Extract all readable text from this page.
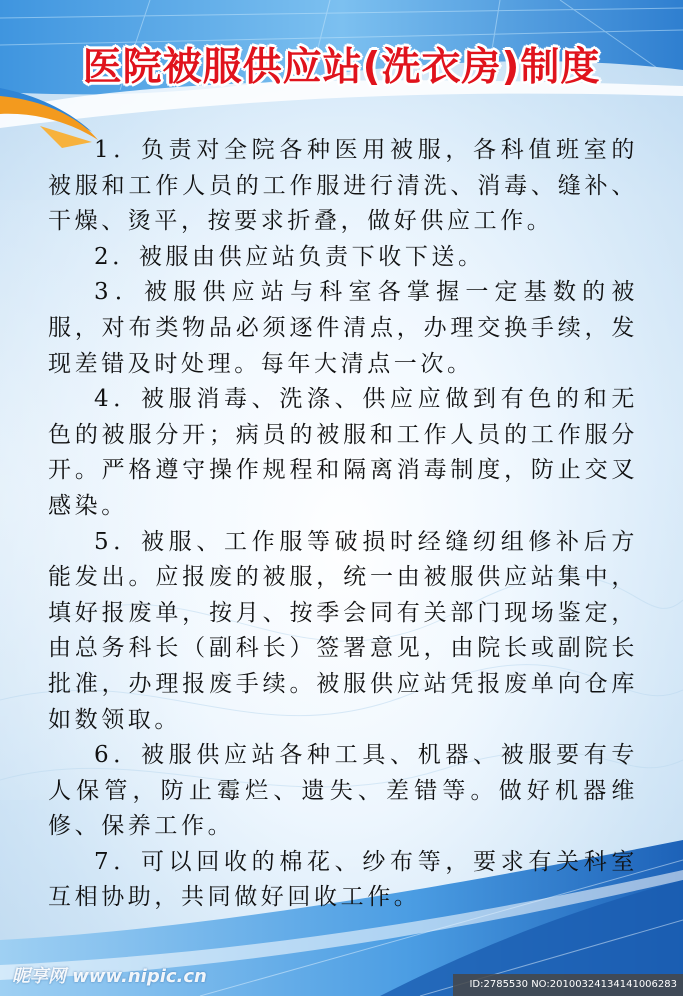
医院被服供应站(洗衣房)制度

1．负责对全院各种医用被服，各科值班室的被服和工作人员的工作服进行清洗、消毒、缝补、干燥、烫平，按要求折叠，做好供应工作。

2．被服由供应站负责下收下送。

3．被服供应站与科室各掌握一定基数的被服，对布类物品必须逐件清点，办理交换手续，发现差错及时处理。每年大清点一次。

4．被服消毒、洗涤、供应应做到有色的和无色的被服分开；病员的被服和工作人员的工作服分开。严格遵守操作规程和隔离消毒制度，防止交叉感染。

5．被服、工作服等破损时经缝纫组修补后方能发出。应报废的被服，统一由被服供应站集中，填好报废单，按月、按季会同有关部门现场鉴定，由总务科长（副科长）签署意见，由院长或副院长批准，办理报废手续。被服供应站凭报废单向仓库如数领取。

6．被服供应站各种工具、机器、被服要有专人保管，防止霉烂、遗失、差错等。做好机器维修、保养工作。

7．可以回收的棉花、纱布等，要求有关科室互相协助，共同做好回收工作。

昵享网 www.nipic.cn	ID:2785530 NO:20100324134141006283
